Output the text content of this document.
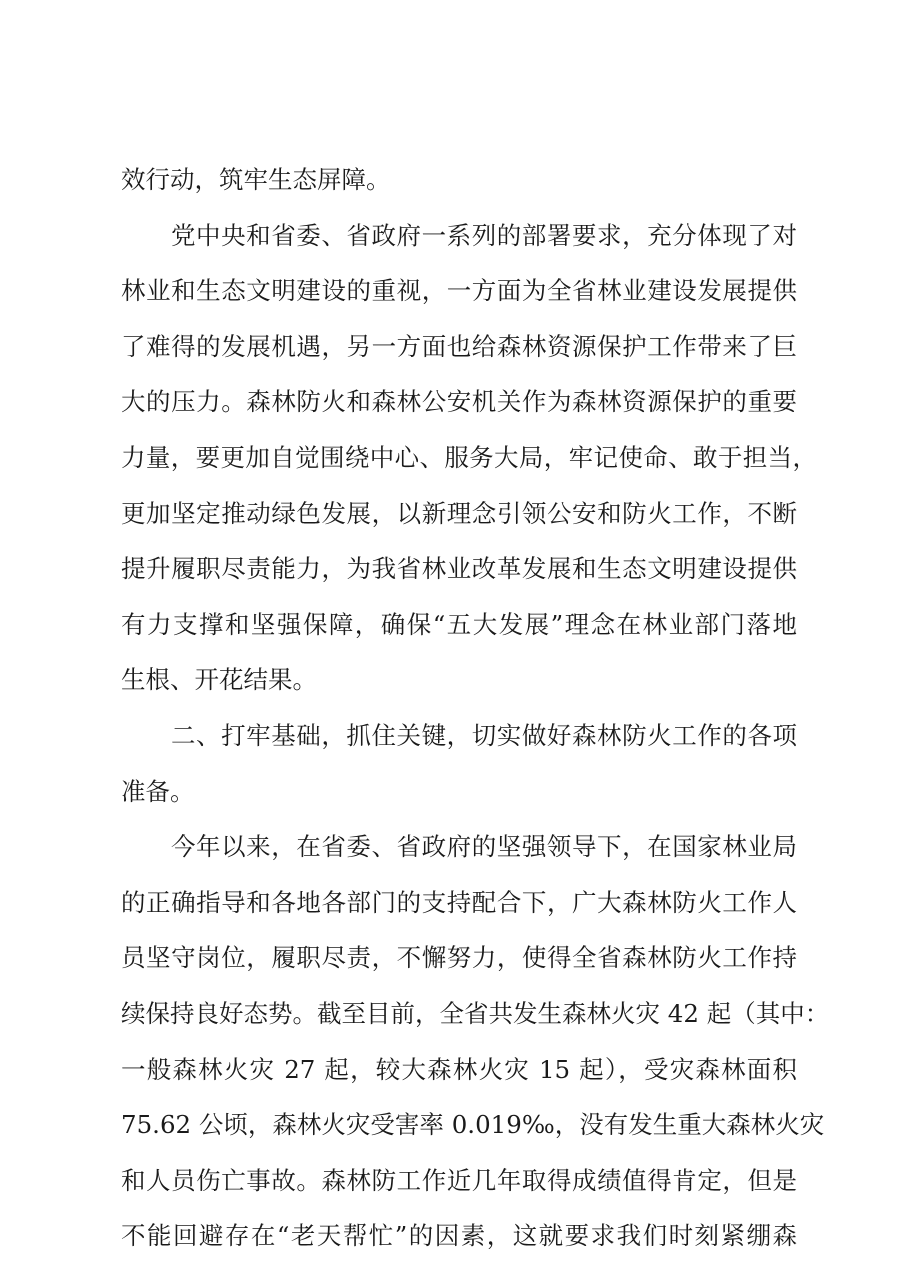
效行动，筑牢生态屏障。
党中央和省委、省政府一系列的部署要求，充分体现了对
林业和生态文明建设的重视，一方面为全省林业建设发展提供
了难得的发展机遇，另一方面也给森林资源保护工作带来了巨
大的压力。森林防火和森林公安机关作为森林资源保护的重要
力量，要更加自觉围绕中心、服务大局，牢记使命、敢于担当，
更加坚定推动绿色发展，以新理念引领公安和防火工作，不断
提升履职尽责能力，为我省林业改革发展和生态文明建设提供
有力支撑和坚强保障，确保“五大发展”理念在林业部门落地
生根、开花结果。
二、打牢基础，抓住关键，切实做好森林防火工作的各项
准备。
今年以来，在省委、省政府的坚强领导下，在国家林业局
的正确指导和各地各部门的支持配合下，广大森林防火工作人
员坚守岗位，履职尽责，不懈努力，使得全省森林防火工作持
续保持良好态势。截至目前，全省共发生森林火灾 42 起（其中：
一般森林火灾 27 起，较大森林火灾 15 起），受灾森林面积
75.62 公顷，森林火灾受害率 0.019‰，没有发生重大森林火灾
和人员伤亡事故。森林防工作近几年取得成绩值得肯定，但是
不能回避存在“老天帮忙”的因素，这就要求我们时刻紧绷森
